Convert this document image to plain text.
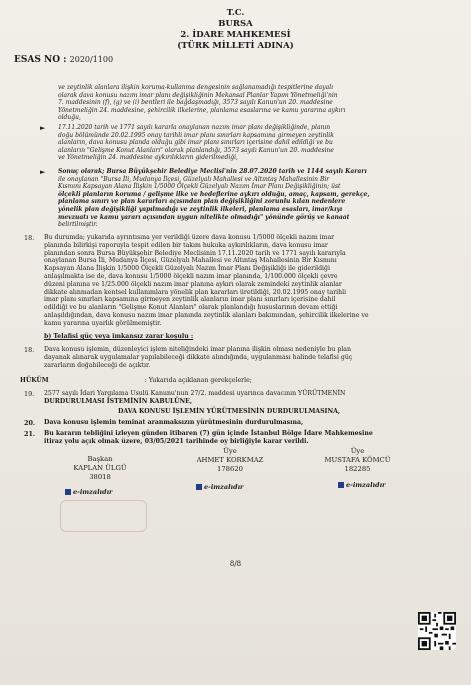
T.C.
BURSA
2. İDARE MAHKEMESİ
(TÜRK MİLLETİ ADINA)
ESAS NO : 2020/1100

ve zeytinlik alanlara ilişkin koruma-kullanma dengesinin sağlanamadığı tespitlerine dayalı

olarak dava konusu nazım imar planı değişikliğinin Mekansal Planlar Yapım Yönetmeliği'nin

7. maddesinin (f), (g) ve (i) bentleri ile bağdaşmadığı, 3573 sayılı Kanun'un 20. maddesine

Yönetmeliğin 24. maddesine, şehircilik ilkelerine, planlama esaslarına ve kamu yararına aykırı

olduğu,

► 17.11.2020 tarih ve 1771 sayılı kararla onaylanan nazım imar planı değişikliğinde, planın

doğu bölümünde 20.02.1995 onay tarihli imar planı sınırları kapsamına girmeyen zeytinlik

alanların, dava konusu planda olduğu gibi imar planı sınırları içerisine dahil edildiği ve bu

alanların "Gelişme Konut Alanları" olarak planlandığı, 3573 sayılı Kanun'un 20. maddesine

ve Yönetmeliğin 24. maddesine aykırılıkların giderilmediği,

► Sonuç olarak; Bursa Büyükşehir Belediye Meclisi'nin 28.07.2020 tarih ve 1144 sayılı Kararı

ile onaylanan "Bursa İli, Mudanya İlçesi, Güzelyalı Mahallesi ve Altıntaş Mahallesinin Bir

Kısmını Kapsayan Alana İlişkin 1/5000 Ölçekli Güzelyalı Nazım İmar Planı Değişikliğinin; üst

ölçekli planların koruma / gelişme ilke ve hedeflerine aykırı olduğu, amaç, kapsam, gerekçe,

planlama sınırı ve plan kararları açısından plan değişikliğini zorunlu kılan nedenlere

yönelik plan değişikliği yapılmadığı ve zeytinlik ilkeleri, planlama esasları, imar/kıyı

mevzuatı ve kamu yararı açısından uygun nitelikte olmadığı" yönünde görüş ve kanaat

belirtilmiştir.

18. Bu durumda; yukarıda ayrıntısına yer verildiği üzere dava konusu 1/5000 ölçekli nazım imar

planında bilirkişi raporuyla tespit edilen bir takım hukuka aykırılıkların, dava konusu imar

planından sonra Bursa Büyükşehir Belediye Meclisinin 17.11.2020 tarih ve 1771 sayılı kararıyla

onaylanan Bursa İli, Mudanya İlçesi, Güzelyalı Mahallesi ve Altıntaş Mahallesinin Bir Kısmını

Kapsayan Alana İlişkin 1/5000 Ölçekli Güzelyalı Nazım İmar Planı Değişikliği ile giderildiği

anlaşılmakta ise de, dava konusu 1/5000 ölçekli nazım imar planında, 1/100.000 ölçekli çevre

düzeni planına ve 1/25.000 ölçekli nazım imar planına aykırı olarak zemindeki zeytinlik alanlar

dikkate alınmadan kentsel kullanımlara yönelik plan kararları üretildiği, 20.02.1995 onay tarihli

imar planı sınırları kapsamına girmeyen zeytinlik alanların imar planı sınırları içerisine dahil

edildiği ve bu alanların "Gelişme Konut Alanları" olarak planlandığı hususlarının devam ettiği

anlaşıldığından, dava konusu nazım imar planında zeytinlik alanları bakımından, şehircilik ilkelerine ve

kamu yararına uyarlık görülmemiştir.

b) Telafisi güç veya imkansız zarar koşulu :

18. Dava konusu işlemin, düzenleyici işlem niteliğindeki imar planına ilişkin olması nedeniyle bu plan

dayanak alınarak uygulamalar yapılabileceği dikkate alındığında, uygulanması halinde telafisi güç

zararların doğabileceği de açıktır.

HÜKÜM	: Yukarıda açıklanan gerekçelerle;

19. 2577 sayılı İdari Yargılama Usulü Kanunu'nun 27/2. maddesi uyarınca davacının YÜRÜTMENİN

DURDURULMASI İSTEMİNİN KABULÜNE,

DAVA KONUSU İŞLEMİN YÜRÜTMESİNİN DURDURULMASINA,

20. Dava konusu işlemin teminat aranmaksızın yürütmesinin durdurulmasına,

21. Bu kararın tebliğini izleyen günden itibaren (7) gün içinde İstanbul Bölge İdare Mahkemesine

itiraz yolu açık olmak üzere, 03/05/2021 tarihinde oy birliğiyle karar verildi.

Başkan
KAPLAN ÜLGÜ
38018
e-imzalıdır
Üye
AHMET KORKMAZ
178620
e-imzalıdır
Üye
MUSTAFA KÖMCÜ
182285
e-imzalıdır
8/8
